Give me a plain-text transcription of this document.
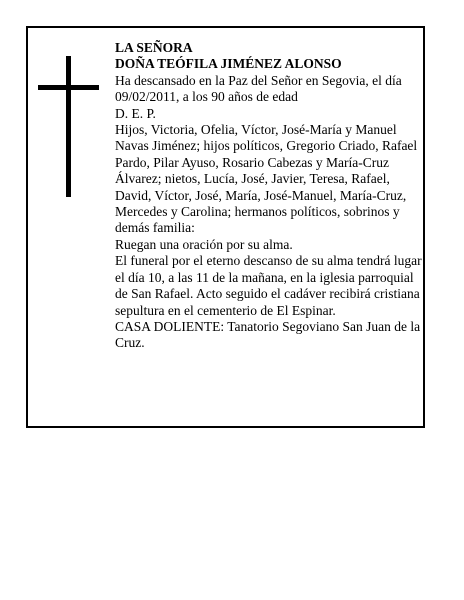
LA SEÑORA

DOÑA TEÓFILA JIMÉNEZ ALONSO

Ha descansado en la Paz del Señor en Segovia, el día 09/02/2011, a los 90 años de edad

D. E. P.

Hijos, Victoria, Ofelia, Víctor, José-María y Manuel Navas Jiménez; hijos políticos, Gregorio Criado, Rafael Pardo, Pilar Ayuso, Rosario Cabezas y María-Cruz Álvarez; nietos, Lucía, José, Javier, Teresa, Rafael, David, Víctor, José, María, José-Manuel, María-Cruz, Mercedes y Carolina; hermanos políticos, sobrinos y demás familia:

Ruegan una oración por su alma.

El funeral por el eterno descanso de su alma tendrá lugar el día 10, a las 11 de la mañana, en la iglesia parroquial de San Rafael. Acto seguido el cadáver recibirá cristiana sepultura en el cementerio de El Espinar.

CASA DOLIENTE: Tanatorio Segoviano San Juan de la Cruz.
